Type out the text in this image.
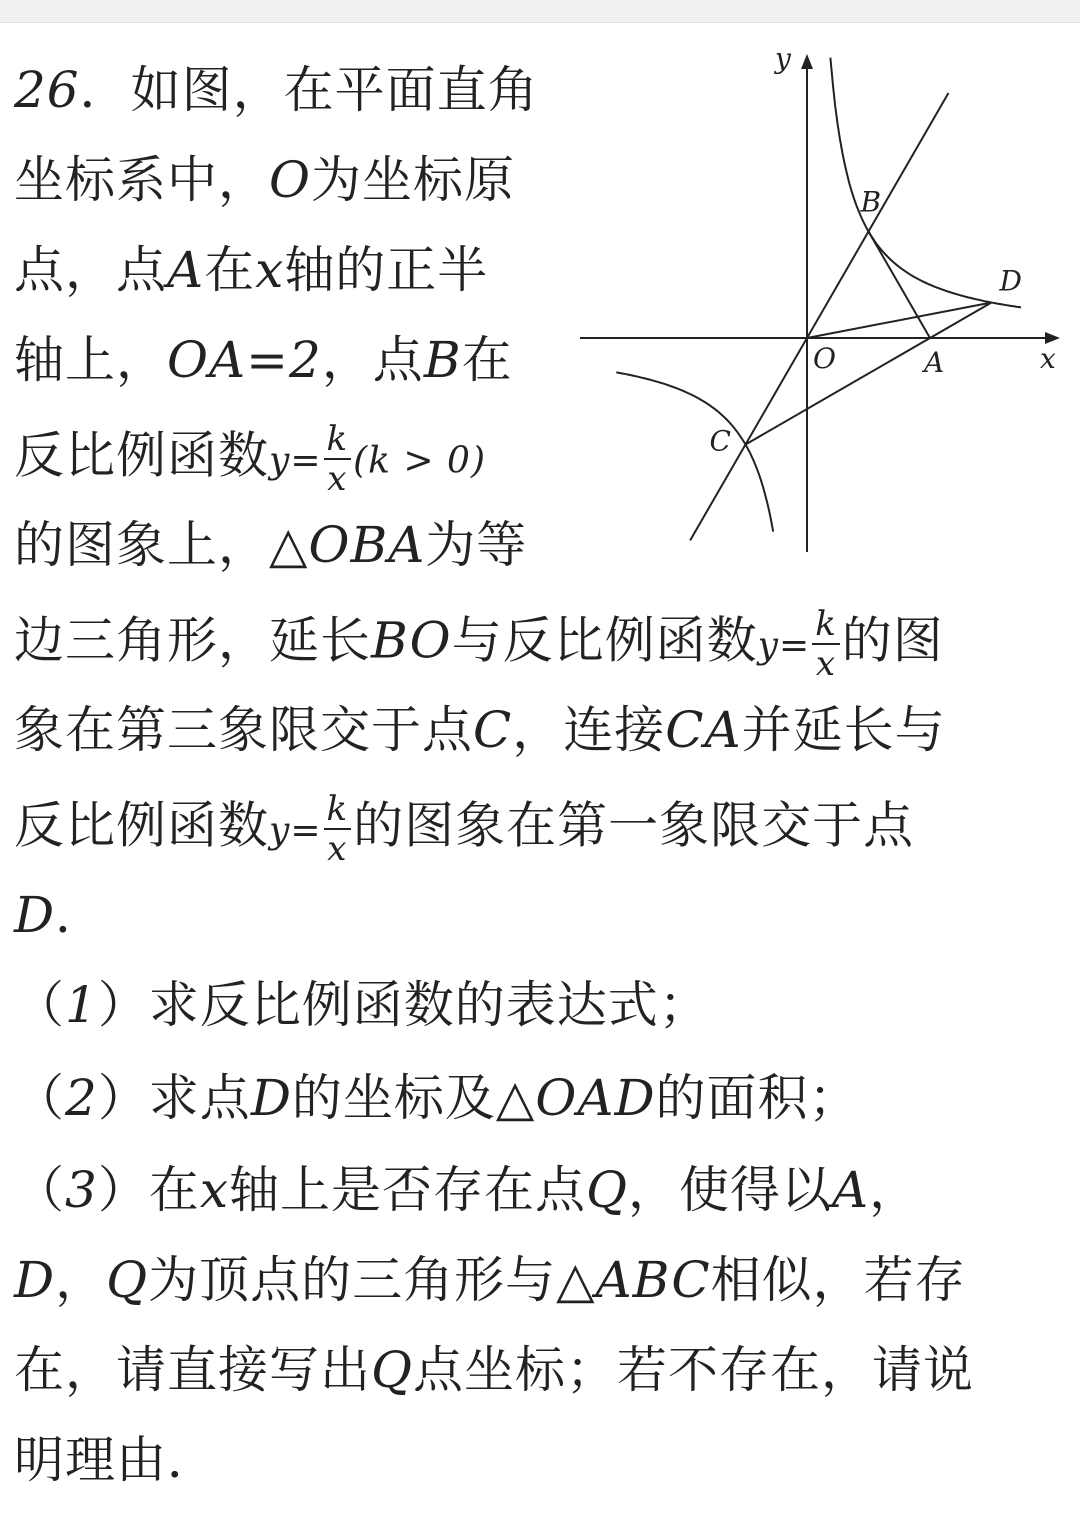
26．如图，在平面直角
坐标系中，O为坐标原
点，点A在x轴的正半
轴上，OA=2，点B在
反比例函数$y= \frac{k}{x} (k > 0)$
的图象上，△OBA为等
边三角形，延长BO与反比例函数$y= \frac{k}{x}$ 的图
象在第三象限交于点C，连接CA并延长与
反比例函数$y= \frac{k}{x}$ 的图象在第一象限交于点
D．
（1）求反比例函数的表达式；
（2）求点D的坐标及△OAD的面积；
（3）在x轴上是否存在点Q，使得以A，
D，Q为顶点的三角形与△ABC相似，若存
在，请直接写出Q点坐标；若不存在，请说
明理由．
y
x
O	A
B
C
D
